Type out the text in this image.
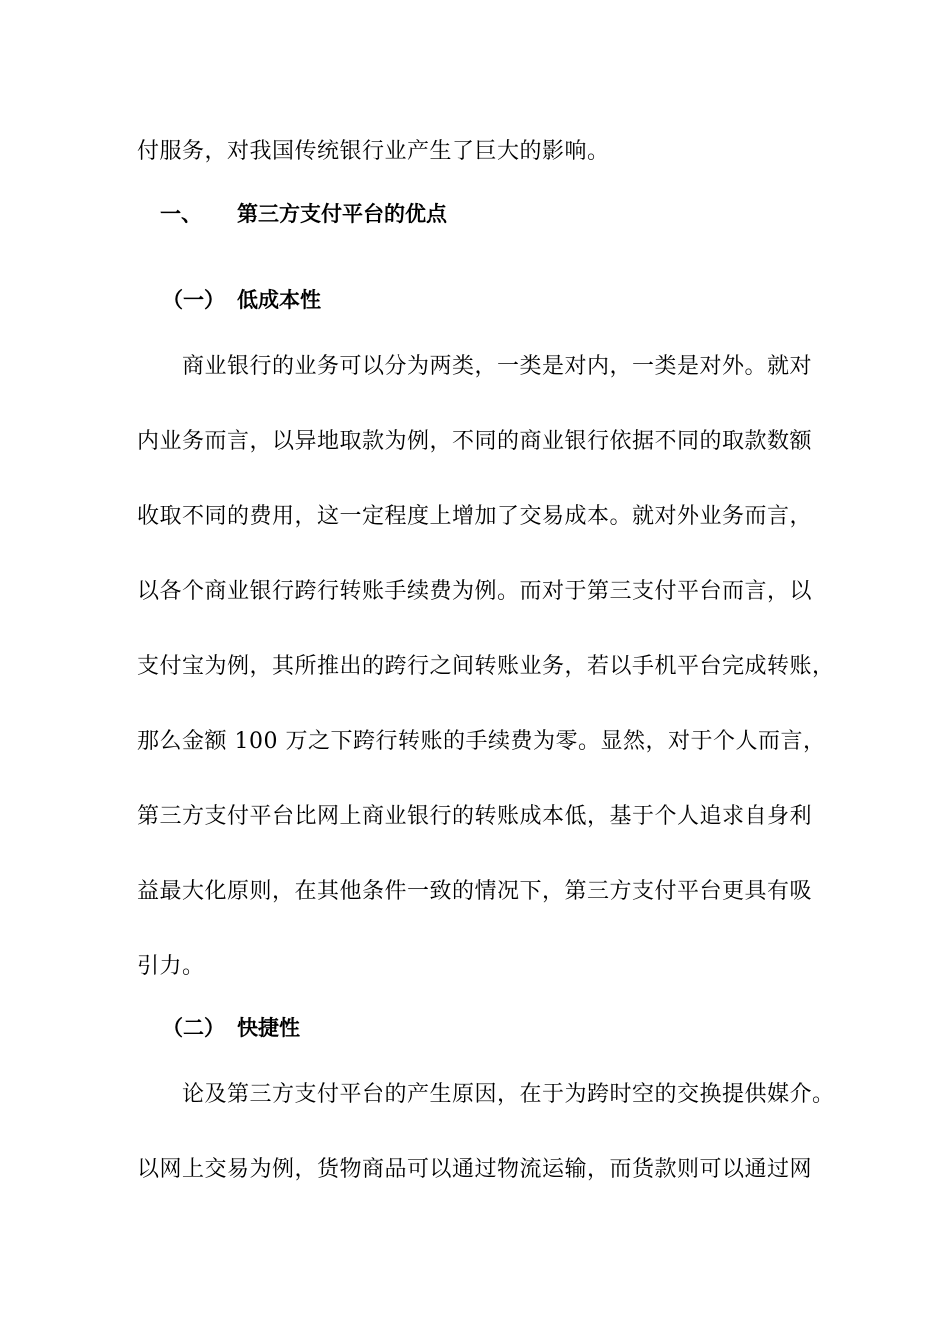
付服务，对我国传统银行业产生了巨大的影响。
一、 第三方支付平台的优点
（一） 低成本性
商业银行的业务可以分为两类，一类是对内，一类是对外。就对
内业务而言，以异地取款为例，不同的商业银行依据不同的取款数额
收取不同的费用，这一定程度上增加了交易成本。就对外业务而言，
以各个商业银行跨行转账手续费为例。而对于第三支付平台而言，以
支付宝为例，其所推出的跨行之间转账业务，若以手机平台完成转账，
那么金额 100 万之下跨行转账的手续费为零。显然，对于个人而言，
第三方支付平台比网上商业银行的转账成本低，基于个人追求自身利
益最大化原则，在其他条件一致的情况下，第三方支付平台更具有吸
引力。
（二） 快捷性
论及第三方支付平台的产生原因，在于为跨时空的交换提供媒介。
以网上交易为例，货物商品可以通过物流运输，而货款则可以通过网
